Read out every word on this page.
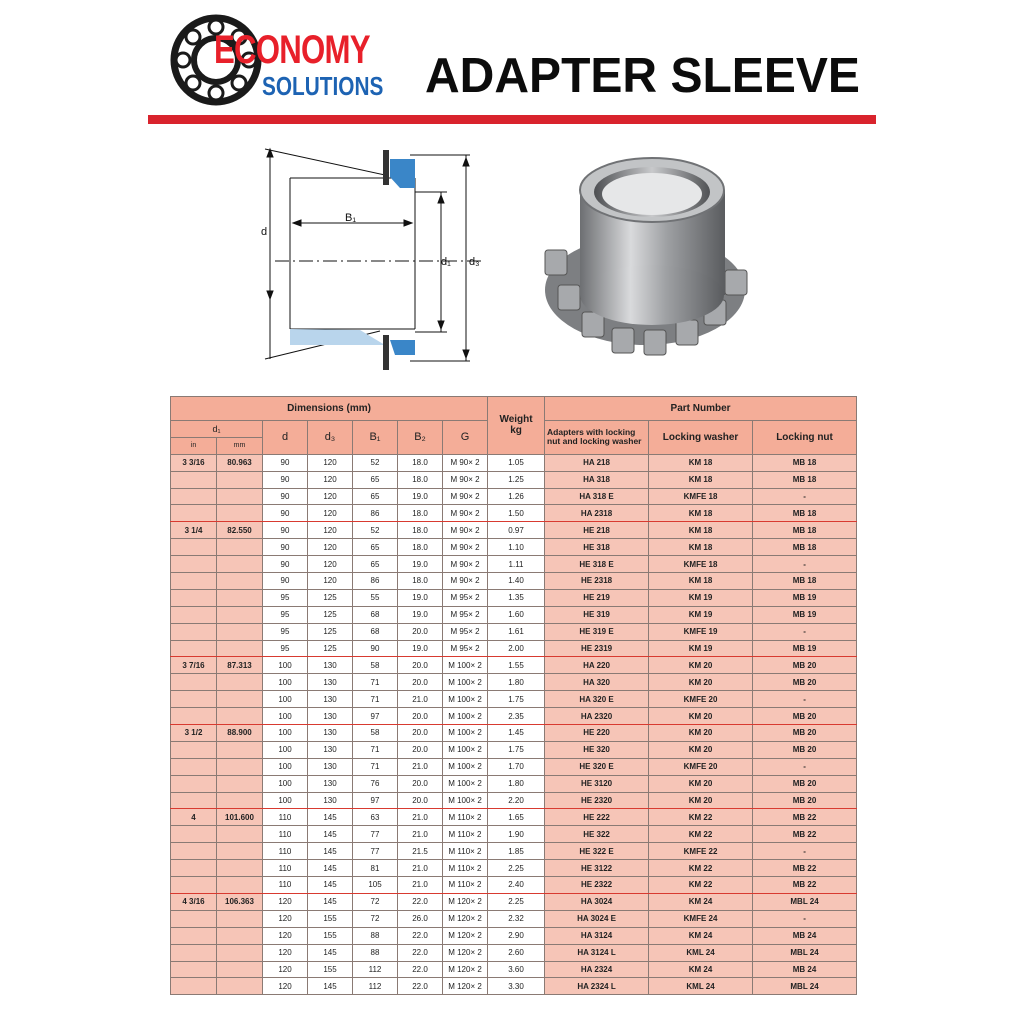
ECONOMY
SOLUTIONS ADAPTER SLEEVE
d
B₁
d₁ d₃
Dimensions (mm)							Weight
kg	Part Number		
d₁		d	d₃	B₁	B₂	G		Adapters with locking nut and locking washer	Locking washer	Locking nut
in	mm									
3 3/16	80.963	90	120	52	18.0	M 90× 2	1.05	HA 218	KM 18	MB 18
		90	120	65	18.0	M 90× 2	1.25	HA 318	KM 18	MB 18
		90	120	65	19.0	M 90× 2	1.26	HA 318 E	KMFE 18	-
		90	120	86	18.0	M 90× 2	1.50	HA 2318	KM 18	MB 18
3 1/4	82.550	90	120	52	18.0	M 90× 2	0.97	HE 218	KM 18	MB 18
		90	120	65	18.0	M 90× 2	1.10	HE 318	KM 18	MB 18
		90	120	65	19.0	M 90× 2	1.11	HE 318 E	KMFE 18	-
		90	120	86	18.0	M 90× 2	1.40	HE 2318	KM 18	MB 18
		95	125	55	19.0	M 95× 2	1.35	HE 219	KM 19	MB 19
		95	125	68	19.0	M 95× 2	1.60	HE 319	KM 19	MB 19
		95	125	68	20.0	M 95× 2	1.61	HE 319 E	KMFE 19	-
		95	125	90	19.0	M 95× 2	2.00	HE 2319	KM 19	MB 19
3 7/16	87.313	100	130	58	20.0	M 100× 2	1.55	HA 220	KM 20	MB 20
		100	130	71	20.0	M 100× 2	1.80	HA 320	KM 20	MB 20
		100	130	71	21.0	M 100× 2	1.75	HA 320 E	KMFE 20	-
		100	130	97	20.0	M 100× 2	2.35	HA 2320	KM 20	MB 20
3 1/2	88.900	100	130	58	20.0	M 100× 2	1.45	HE 220	KM 20	MB 20
		100	130	71	20.0	M 100× 2	1.75	HE 320	KM 20	MB 20
		100	130	71	21.0	M 100× 2	1.70	HE 320 E	KMFE 20	-
		100	130	76	20.0	M 100× 2	1.80	HE 3120	KM 20	MB 20
		100	130	97	20.0	M 100× 2	2.20	HE 2320	KM 20	MB 20
4	101.600	110	145	63	21.0	M 110× 2	1.65	HE 222	KM 22	MB 22
		110	145	77	21.0	M 110× 2	1.90	HE 322	KM 22	MB 22
		110	145	77	21.5	M 110× 2	1.85	HE 322 E	KMFE 22	-
		110	145	81	21.0	M 110× 2	2.25	HE 3122	KM 22	MB 22
		110	145	105	21.0	M 110× 2	2.40	HE 2322	KM 22	MB 22
4 3/16	106.363	120	145	72	22.0	M 120× 2	2.25	HA 3024	KM 24	MBL 24
		120	155	72	26.0	M 120× 2	2.32	HA 3024 E	KMFE 24	-
		120	155	88	22.0	M 120× 2	2.90	HA 3124	KM 24	MB 24
		120	145	88	22.0	M 120× 2	2.60	HA 3124 L	KML 24	MBL 24
		120	155	112	22.0	M 120× 2	3.60	HA 2324	KM 24	MB 24
		120	145	112	22.0	M 120× 2	3.30	HA 2324 L	KML 24	MBL 24
